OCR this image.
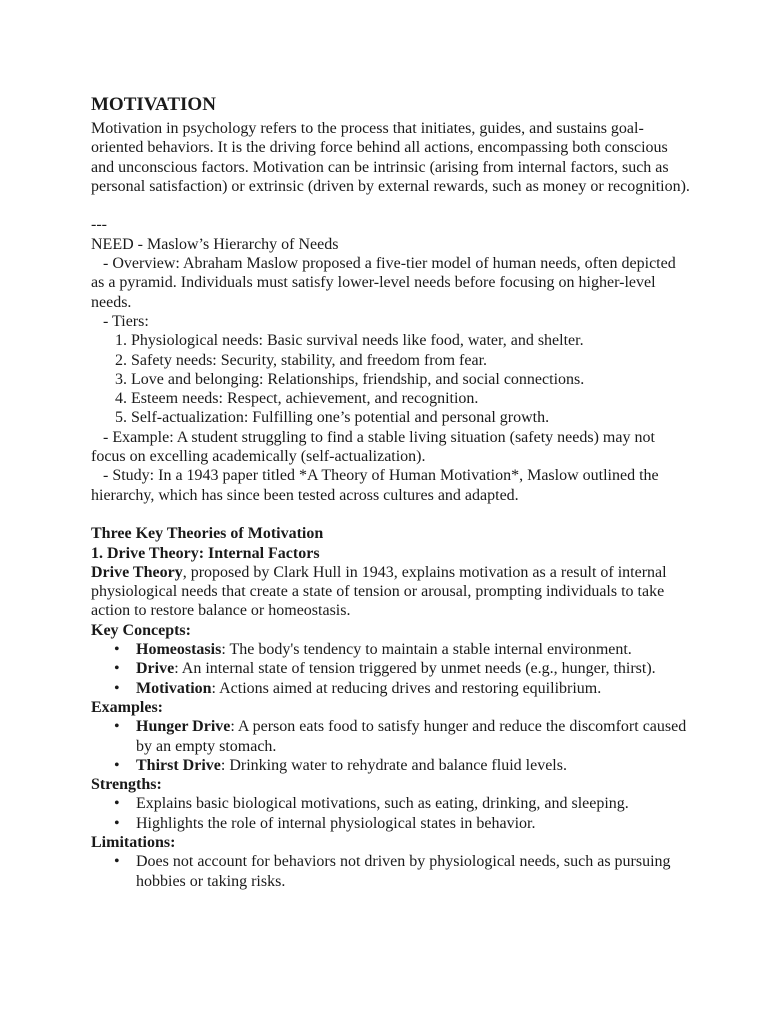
MOTIVATION

Motivation in psychology refers to the process that initiates, guides, and sustains goal-oriented behaviors. It is the driving force behind all actions, encompassing both conscious and unconscious factors. Motivation can be intrinsic (arising from internal factors, such as personal satisfaction) or extrinsic (driven by external rewards, such as money or recognition).

---

NEED - Maslow’s Hierarchy of Needs

- Overview: Abraham Maslow proposed a five-tier model of human needs, often depicted as a pyramid. Individuals must satisfy lower-level needs before focusing on higher-level needs.

- Tiers:

1. Physiological needs: Basic survival needs like food, water, and shelter.

2. Safety needs: Security, stability, and freedom from fear.

3. Love and belonging: Relationships, friendship, and social connections.

4. Esteem needs: Respect, achievement, and recognition.

5. Self-actualization: Fulfilling one’s potential and personal growth.

- Example: A student struggling to find a stable living situation (safety needs) may not focus on excelling academically (self-actualization).

- Study: In a 1943 paper titled *A Theory of Human Motivation*, Maslow outlined the hierarchy, which has since been tested across cultures and adapted.

Three Key Theories of Motivation

1. Drive Theory: Internal Factors

Drive Theory, proposed by Clark Hull in 1943, explains motivation as a result of internal physiological needs that create a state of tension or arousal, prompting individuals to take action to restore balance or homeostasis.

Key Concepts:

• Homeostasis: The body's tendency to maintain a stable internal environment.
• Drive: An internal state of tension triggered by unmet needs (e.g., hunger, thirst).
• Motivation: Actions aimed at reducing drives and restoring equilibrium.

Examples:

• Hunger Drive: A person eats food to satisfy hunger and reduce the discomfort caused by an empty stomach.
• Thirst Drive: Drinking water to rehydrate and balance fluid levels.

Strengths:

• Explains basic biological motivations, such as eating, drinking, and sleeping.
• Highlights the role of internal physiological states in behavior.

Limitations:

• Does not account for behaviors not driven by physiological needs, such as pursuing hobbies or taking risks.
